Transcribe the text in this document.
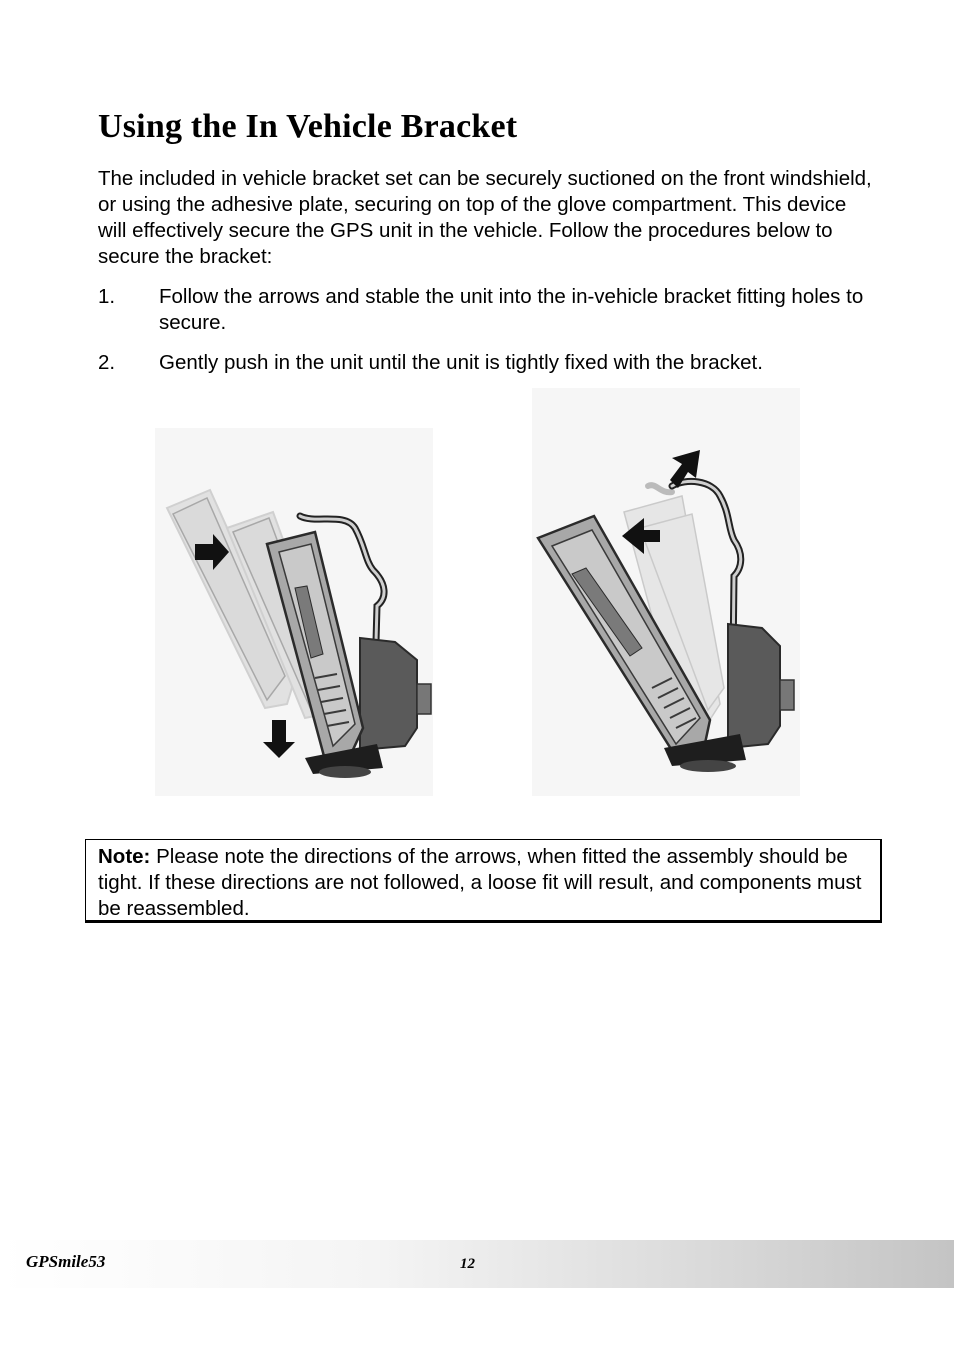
Using the In Vehicle Bracket

The included in vehicle bracket set can be securely suctioned on the front windshield, or using the adhesive plate, securing on top of the glove compartment. This device will effectively secure the GPS unit in the vehicle. Follow the procedures below to secure the bracket:

1. Follow the arrows and stable the unit into the in-vehicle bracket fitting holes to secure.
2. Gently push in the unit until the unit is tightly fixed with the bracket.
Note: Please note the directions of the arrows, when fitted the assembly should be tight. If these directions are not followed, a loose fit will result, and components must be reassembled.
GPSmile53	12
